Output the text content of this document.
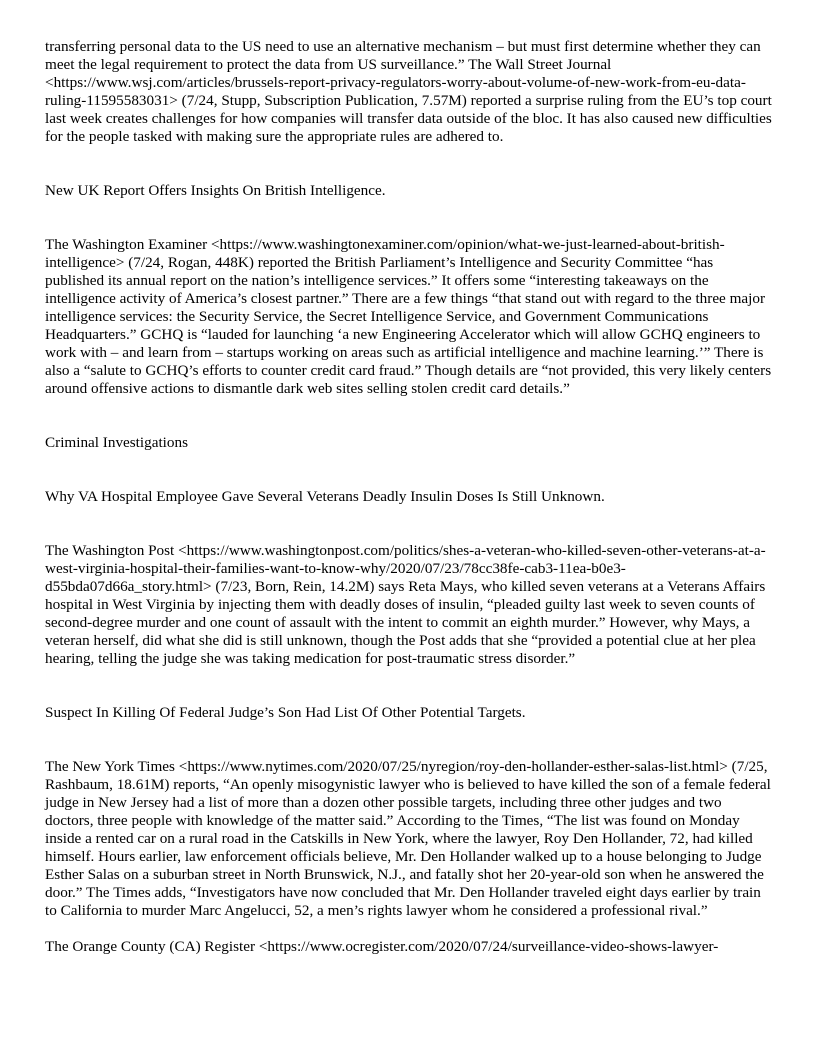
transferring personal data to the US need to use an alternative mechanism – but must first determine whether they can meet the legal requirement to protect the data from US surveillance.” The Wall Street Journal <https://www.wsj.com/articles/brussels-report-privacy-regulators-worry-about-volume-of-new-work-from-eu-data-ruling-11595583031> (7/24, Stupp, Subscription Publication, 7.57M) reported a surprise ruling from the EU’s top court last week creates challenges for how companies will transfer data outside of the bloc. It has also caused new difficulties for the people tasked with making sure the appropriate rules are adhered to.

New UK Report Offers Insights On British Intelligence.

The Washington Examiner <https://www.washingtonexaminer.com/opinion/what-we-just-learned-about-british-intelligence> (7/24, Rogan, 448K) reported the British Parliament’s Intelligence and Security Committee “has published its annual report on the nation’s intelligence services.” It offers some “interesting takeaways on the intelligence activity of America’s closest partner.” There are a few things “that stand out with regard to the three major intelligence services: the Security Service, the Secret Intelligence Service, and Government Communications Headquarters.” GCHQ is “lauded for launching ‘a new Engineering Accelerator which will allow GCHQ engineers to work with – and learn from – startups working on areas such as artificial intelligence and machine learning.’” There is also a “salute to GCHQ’s efforts to counter credit card fraud.” Though details are “not provided, this very likely centers around offensive actions to dismantle dark web sites selling stolen credit card details.”

Criminal Investigations

Why VA Hospital Employee Gave Several Veterans Deadly Insulin Doses Is Still Unknown.

The Washington Post <https://www.washingtonpost.com/politics/shes-a-veteran-who-killed-seven-other-veterans-at-a-west-virginia-hospital-their-families-want-to-know-why/2020/07/23/78cc38fe-cab3-11ea-b0e3-d55bda07d66a_story.html> (7/23, Born, Rein, 14.2M) says Reta Mays, who killed seven veterans at a Veterans Affairs hospital in West Virginia by injecting them with deadly doses of insulin, “pleaded guilty last week to seven counts of second-degree murder and one count of assault with the intent to commit an eighth murder.” However, why Mays, a veteran herself, did what she did is still unknown, though the Post adds that she “provided a potential clue at her plea hearing, telling the judge she was taking medication for post-traumatic stress disorder.”

Suspect In Killing Of Federal Judge’s Son Had List Of Other Potential Targets.

The New York Times <https://www.nytimes.com/2020/07/25/nyregion/roy-den-hollander-esther-salas-list.html> (7/25, Rashbaum, 18.61M) reports, “An openly misogynistic lawyer who is believed to have killed the son of a female federal judge in New Jersey had a list of more than a dozen other possible targets, including three other judges and two doctors, three people with knowledge of the matter said.” According to the Times, “The list was found on Monday inside a rented car on a rural road in the Catskills in New York, where the lawyer, Roy Den Hollander, 72, had killed himself. Hours earlier, law enforcement officials believe, Mr. Den Hollander walked up to a house belonging to Judge Esther Salas on a suburban street in North Brunswick, N.J., and fatally shot her 20-year-old son when he answered the door.” The Times adds, “Investigators have now concluded that Mr. Den Hollander traveled eight days earlier by train to California to murder Marc Angelucci, 52, a men’s rights lawyer whom he considered a professional rival.”

The Orange County (CA) Register <https://www.ocregister.com/2020/07/24/surveillance-video-shows-lawyer-
